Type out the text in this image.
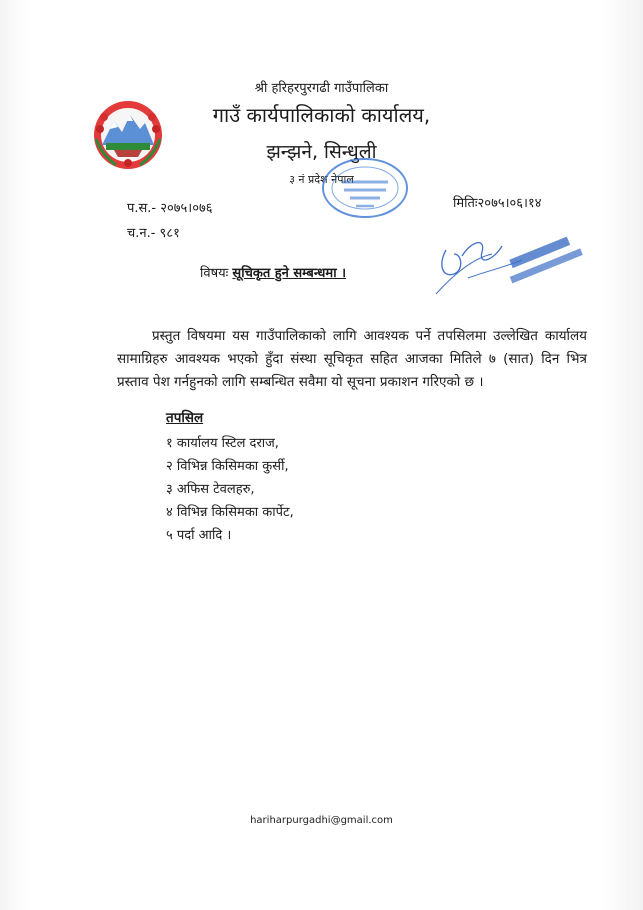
श्री हरिहरपुरगढी गाउँपालिका
गाउँ कार्यपालिकाको कार्यालय,
झन्झने, सिन्धुली
३ नं प्रदेश नेपाल
प.स.- २०७५।०७६	मितिः२०७५।०६।१४
च.न.- ९८१
विषयः सूचिकृत हुने सम्बन्धमा ।

प्रस्तुत विषयमा यस गाउँपालिकाको लागि आवश्यक पर्ने तपसिलमा उल्लेखित कार्यालय सामाग्रिहरु आवश्यक भएको हुँदा संस्था सूचिकृत सहित आजका मितिले ७ (सात) दिन भित्र प्रस्ताव पेश गर्नहुनको लागि सम्बन्धित सवैमा यो सूचना प्रकाशन गरिएको छ ।

तपसिल
१ कार्यालय स्टिल दराज,
२ विभिन्न किसिमका कुर्सी,
३ अफिस टेवलहरु,
४ विभिन्न किसिमका कार्पेट,
५ पर्दा आदि ।
hariharpurgadhi@gmail.com
